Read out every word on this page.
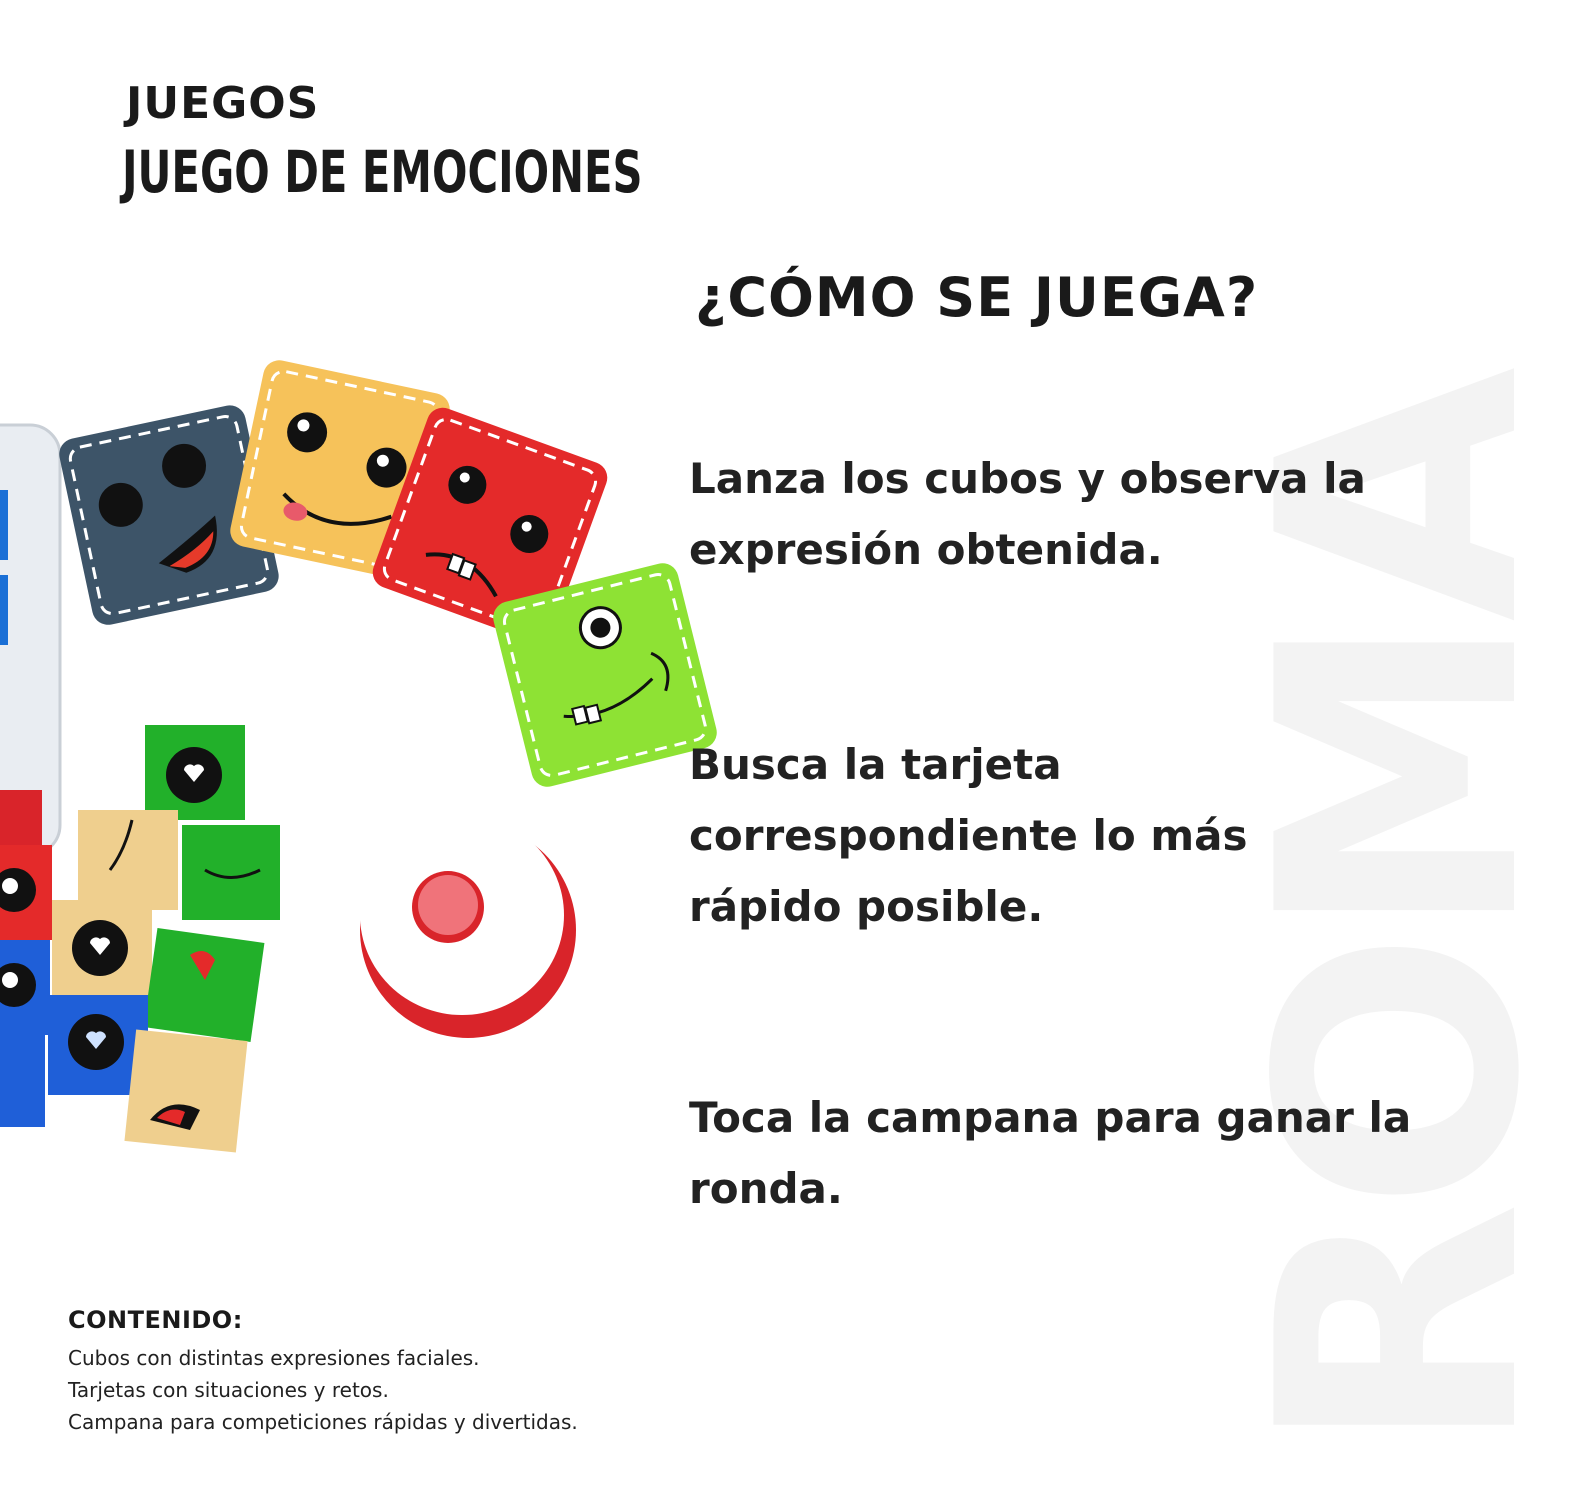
ROMA
JUEGOS
JUEGO DE EMOCIONES
¿CÓMO SE JUEGA?
Lanza los cubos y observa la expresión obtenida.
Busca la tarjeta correspondiente lo más rápido posible.
Toca la campana para ganar la ronda.
CONTENIDO:
Cubos con distintas expresiones faciales.
Tarjetas con situaciones y retos.
Campana para competiciones rápidas y divertidas.
